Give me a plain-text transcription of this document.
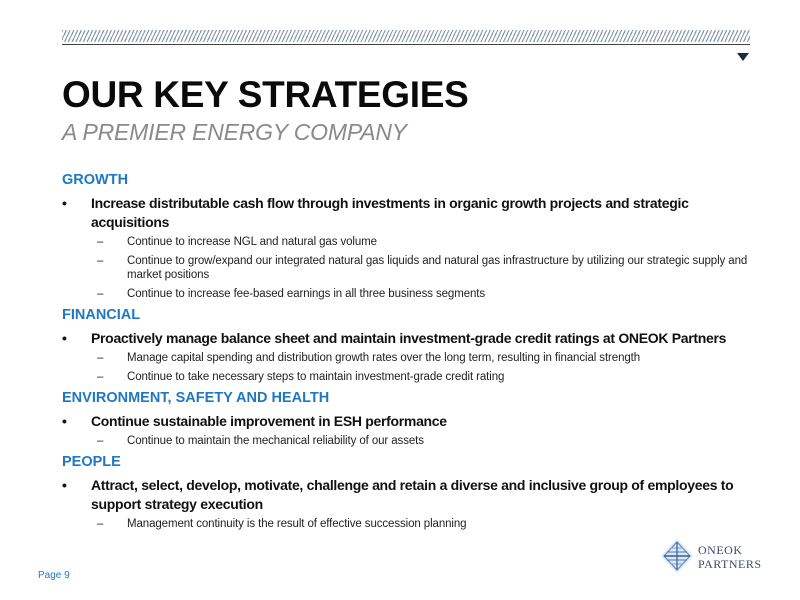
OUR KEY STRATEGIES
A PREMIER ENERGY COMPANY
GROWTH
• Increase distributable cash flow through investments in organic growth projects and strategic acquisitions
– Continue to increase NGL and natural gas volume
– Continue to grow/expand our integrated natural gas liquids and natural gas infrastructure by utilizing our strategic supply and market positions
– Continue to increase fee-based earnings in all three business segments
FINANCIAL
• Proactively manage balance sheet and maintain investment-grade credit ratings at ONEOK Partners
– Manage capital spending and distribution growth rates over the long term, resulting in financial strength
– Continue to take necessary steps to maintain investment-grade credit rating
ENVIRONMENT, SAFETY AND HEALTH
• Continue sustainable improvement in ESH performance
– Continue to maintain the mechanical reliability of our assets
PEOPLE
• Attract, select, develop, motivate, challenge and retain a diverse and inclusive group of employees to support strategy execution
– Management continuity is the result of effective succession planning
Page 9
ONEOK
PARTNERS
